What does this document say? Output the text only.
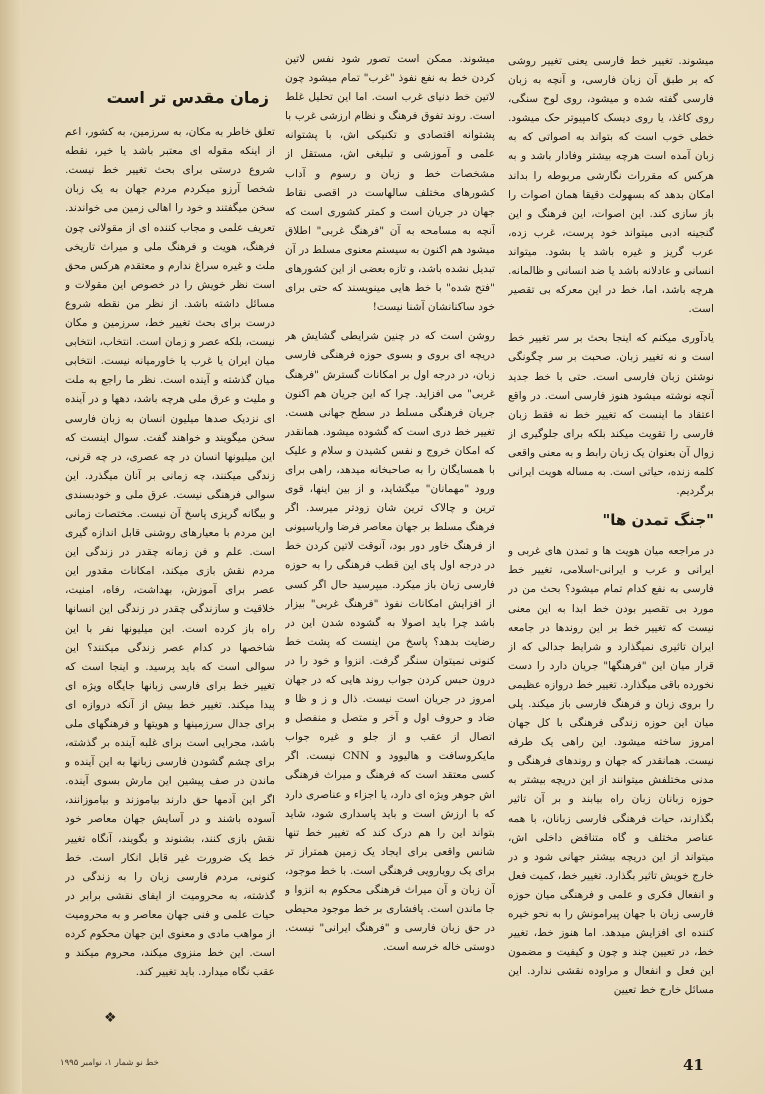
میشوند. تغییر خط فارسی یعنی تغییر روشی که بر طبق آن زبان فارسی، و آنچه به زبان فارسی گفته شده و میشود، روی لوح سنگی، روی کاغذ، یا روی دیسک کامپیوتر حک میشود. خطی خوب است که بتواند به اصواتی که به زبان آمده است هرچه بیشتر وفادار باشد و به هرکس که مقررات نگارشی مربوطه را بداند امکان بدهد که بسهولت دقیقا همان اصوات را باز سازی کند. این اصوات، این فرهنگ و این گنجینه ادبی میتواند خود پرست، غرب زده، عرب گریز و غیره باشد یا بشود. میتواند انسانی و عادلانه باشد یا ضد انسانی و ظالمانه. هرچه باشد، اما، خط در این معرکه بی تقصیر است.

یادآوری میکنم که اینجا بحث بر سر تغییر خط است و نه تغییر زبان. صحبت بر سر چگونگی نوشتن زبان فارسی است. حتی با خط جدید آنچه نوشته میشود هنوز فارسی است. در واقع اعتقاد ما اینست که تغییر خط نه فقط زبان فارسی را تقویت میکند بلکه برای جلوگیری از زوال آن بعنوان یک زبان رابط و به معنی واقعی کلمه زنده، حیاتی است. به مساله هویت ایرانی برگردیم.

"جنگ تمدن ها"

در مراجعه میان هویت ها و تمدن های غربی و ایرانی و عرب و ایرانی-اسلامی، تغییر خط فارسی به نفع کدام تمام میشود؟ بحث من در مورد بی تقصیر بودن خط ابدا به این معنی نیست که تغییر خط بر این روندها در جامعه ایران تاثیری نمیگذارد و شرایط جدالی که از قرار میان این "فرهنگها" جریان دارد را دست نخورده باقی میگذارد. تغییر خط دروازه عظیمی را بروی زبان و فرهنگ فارسی باز میکند. پلی میان این حوزه زندگی فرهنگی با کل جهان امروز ساخته میشود. این راهی یک طرفه نیست. همانقدر که جهان و روندهای فرهنگی و مدنی مختلفش میتوانند از این دریچه بیشتر به حوزه زبانان زبان راه بیابند و بر آن تاثیر بگذارند، حیات فرهنگی فارسی زبانان، با همه عناصر مختلف و گاه متناقض داخلی اش، میتواند از این دریچه بیشتر جهانی شود و در خارج خویش تاثیر بگذارد. تغییر خط، کمیت فعل و انفعال فکری و علمی و فرهنگی میان حوزه فارسی زبان با جهان پیرامونش را به نحو خیره کننده ای افزایش میدهد. اما هنوز خط، تغییر خط، در تعیین چند و چون و کیفیت و مضمون این فعل و انفعال و مراوده نقشی ندارد. این مسائل خارج خط تعیین

میشوند. ممکن است تصور شود نفس لاتین کردن خط به نفع نفوذ "غرب" تمام میشود چون لاتین خط دنیای غرب است. اما این تحلیل غلط است. روند تفوق فرهنگ و نظام ارزشی غرب با پشتوانه اقتصادی و تکنیکی اش، با پشتوانه علمی و آموزشی و تبلیغی اش، مستقل از مشخصات خط و زبان و رسوم و آداب کشورهای مختلف سالهاست در اقصی نقاط جهان در جریان است و کمتر کشوری است که آنچه به مسامحه به آن "فرهنگ غربی" اطلاق میشود هم اکنون به سیستم معنوی مسلط در آن تبدیل نشده باشد، و تازه بعضی از این کشورهای "فتح شده" با خط هایی مینویسند که حتی برای خود ساکنانشان آشنا نیست!

روشن است که در چنین شرایطی گشایش هر دریچه ای بروی و بسوی حوزه فرهنگی فارسی زبان، در درجه اول بر امکانات گسترش "فرهنگ غربی" می افزاید. چرا که این جریان هم اکنون جریان فرهنگی مسلط در سطح جهانی هست. تغییر خط دری است که گشوده میشود. همانقدر که امکان خروج و نفس کشیدن و سلام و علیک با همسایگان را به صاحبخانه میدهد، راهی برای ورود "مهمانان" میگشاید، و از بین اینها، قوی ترین و چالاک ترین شان زودتر میرسد. اگر فرهنگ مسلط بر جهان معاصر فرضا واریاسیونی از فرهنگ خاور دور بود، آنوقت لاتین کردن خط در درجه اول پای این قطب فرهنگی را به حوزه فارسی زبان باز میکرد. میپرسید حال اگر کسی از افزایش امکانات نفوذ "فرهنگ غربی" بیزار باشد چرا باید اصولا به گشوده شدن این در رضایت بدهد؟ پاسخ من اینست که پشت خط کنونی نمیتوان سنگر گرفت. انزوا و خود را در درون حبس کردن جواب روند هایی که در جهان امروز در جریان است نیست. ذال و ز و ظا و ضاد و حروف اول و آخر و متصل و منفصل و اتصال از عقب و از جلو و غیره جواب مایکروسافت و هالیوود و CNN نیست. اگر کسی معتقد است که فرهنگ و میراث فرهنگی اش جوهر ویژه ای دارد، یا اجزاء و عناصری دارد که با ارزش است و باید پاسداری شود، شاید بتواند این را هم درک کند که تغییر خط تنها شانس واقعی برای ایجاد یک زمین همتراز تر برای یک رویارویی فرهنگی است. با خط موجود، آن زبان و آن میراث فرهنگی محکوم به انزوا و جا ماندن است. پافشاری بر خط موجود محیطی در حق زبان فارسی و "فرهنگ ایرانی" نیست. دوستی خاله خرسه است.

زمان مقدس تر است

تعلق خاطر به مکان، به سرزمین، به کشور، اعم از اینکه مقوله ای معتبر باشد یا خیر، نقطه شروع درستی برای بحث تغییر خط نیست. شخصا آرزو میکردم مردم جهان به یک زبان سخن میگفتند و خود را اهالی زمین می خواندند. تعریف علمی و مجاب کننده ای از مقولاتی چون فرهنگ، هویت و فرهنگ ملی و میراث تاریخی ملت و غیره سراغ ندارم و معتقدم هرکس محق است نظر خویش را در خصوص این مقولات و مسائل داشته باشد. از نظر من نقطه شروع درست برای بحث تغییر خط، سرزمین و مکان نیست، بلکه عصر و زمان است. انتخاب، انتخابی میان ایران یا غرب یا خاورمیانه نیست. انتخابی میان گذشته و آینده است. نظر ما راجع به ملت و ملیت و عرق ملی هرچه باشد، دهها و در آینده ای نزدیک صدها میلیون انسان به زبان فارسی سخن میگویند و خواهند گفت. سوال اینست که این میلیونها انسان در چه عصری، در چه قرنی، زندگی میکنند، چه زمانی بر آنان میگذرد. این سوالی فرهنگی نیست. عرق ملی و خودبسندی و بیگانه گریزی پاسخ آن نیست. مختصات زمانی این مردم با معیارهای روشنی قابل اندازه گیری است. علم و فن زمانه چقدر در زندگی این مردم نقش بازی میکند، امکانات مقدور این عصر برای آموزش، بهداشت، رفاه، امنیت، خلاقیت و سازندگی چقدر در زندگی این انسانها راه باز کرده است. این میلیونها نفر با این شاخصها در کدام عصر زندگی میکنند؟ این سوالی است که باید پرسید. و اینجا است که تغییر خط برای فارسی زبانها جایگاه ویژه ای پیدا میکند. تغییر خط بیش از آنکه دروازه ای برای جدال سرزمینها و هویتها و فرهنگهای ملی باشد، مجرایی است برای غلبه آینده بر گذشته، برای چشم گشودن فارسی زبانها به این آینده و ماندن در صف پیشین این مارش بسوی آینده. اگر این آدمها حق دارند بیاموزند و بیاموزانند، آسوده باشند و در آسایش جهان معاصر خود نقش بازی کنند، بشنوند و بگویند، آنگاه تغییر خط یک ضرورت غیر قابل انکار است. خط کنونی، مردم فارسی زبان را به زندگی در گذشته، به محرومیت از ایفای نقشی برابر در حیات علمی و فنی جهان معاصر و به محرومیت از مواهب مادی و معنوی این جهان محکوم کرده است. این خط منزوی میکند، محروم میکند و عقب نگاه میدارد. باید تغییر کند.

❖
41
خط نو شمار ۱، نوامبر ۱۹۹۵
